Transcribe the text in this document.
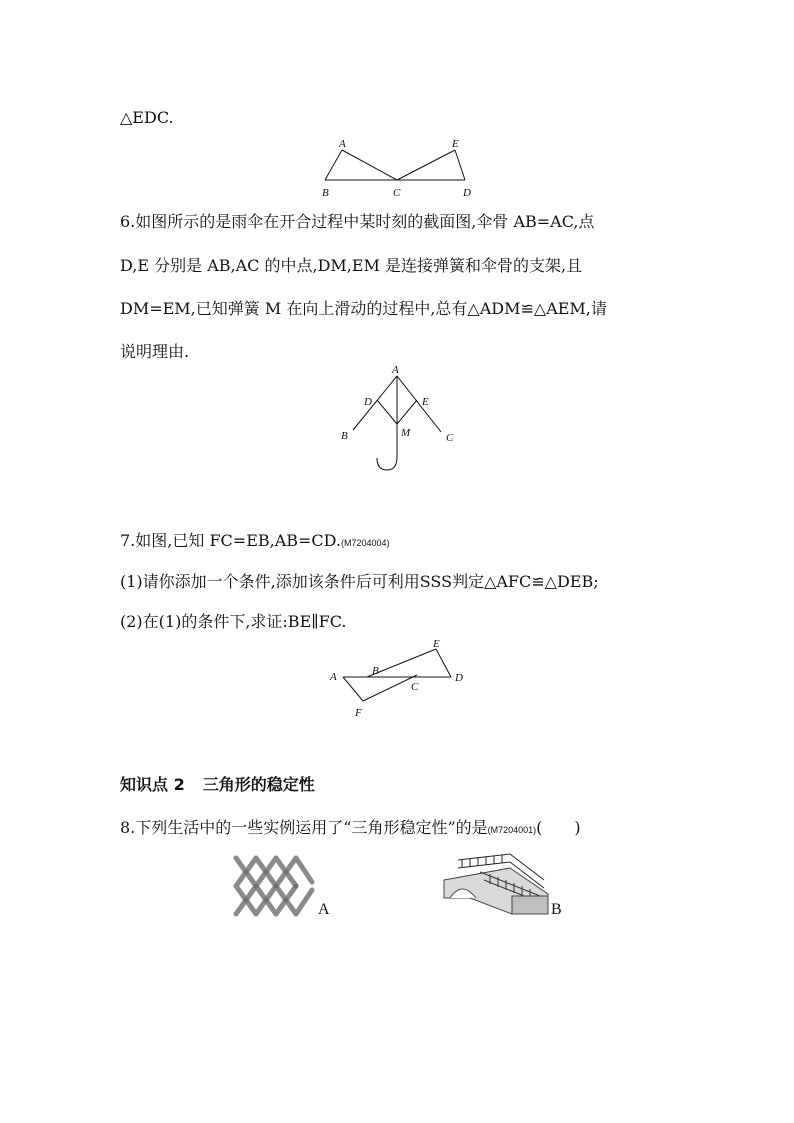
△EDC.
A	E
B	C	D
6.如图所示的是雨伞在开合过程中某时刻的截面图,伞骨 AB=AC,点
D,E 分别是 AB,AC 的中点,DM,EM 是连接弹簧和伞骨的支架,且
DM=EM,已知弹簧 M 在向上滑动的过程中,总有△ADM≌△AEM,请
说明理由.
A
D	E
B	M	C
7.如图,已知 FC=EB,AB=CD.(M7204004)
(1)请你添加一个条件,添加该条件后可利用SSS判定△AFC≌△DEB;
(2)在(1)的条件下,求证:BE∥FC.
E
A	B
C
D
F
知识点 2 三角形的稳定性
8.下列生活中的一些实例运用了“三角形稳定性”的是(M7204001)(　　)
A	B
